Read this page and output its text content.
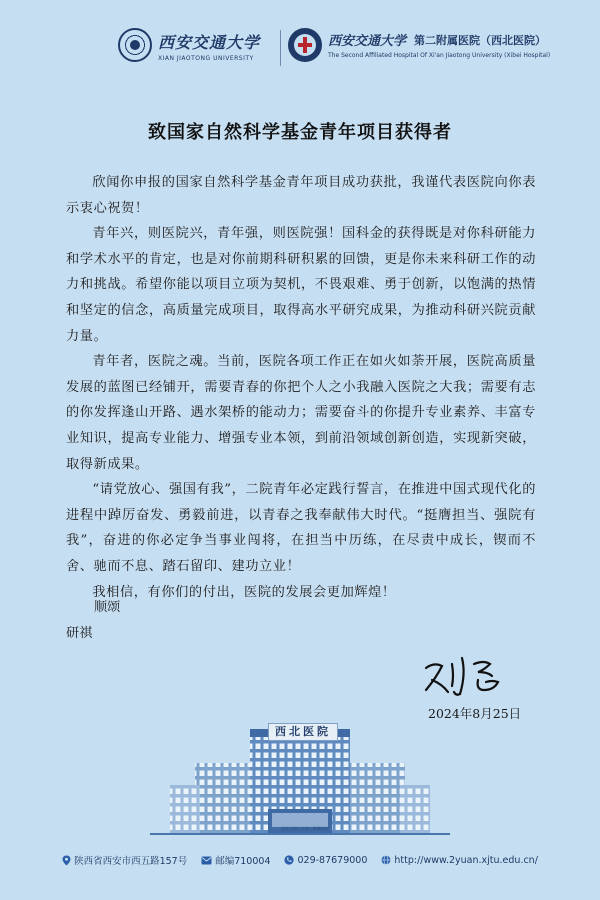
西安交通大学
XIAN JIAOTONG UNIVERSITY
西安交通大学 第二附属医院（西北医院）
The Second Affiliated Hospital Of Xi'an Jiaotong University (Xibei Hospital)
致国家自然科学基金青年项目获得者

欣闻你申报的国家自然科学基金青年项目成功获批，我谨代表医院向你表示衷心祝贺！

青年兴，则医院兴，青年强，则医院强！国科金的获得既是对你科研能力和学术水平的肯定，也是对你前期科研积累的回馈，更是你未来科研工作的动力和挑战。希望你能以项目立项为契机，不畏艰难、勇于创新，以饱满的热情和坚定的信念，高质量完成项目，取得高水平研究成果，为推动科研兴院贡献力量。

青年者，医院之魂。当前，医院各项工作正在如火如荼开展，医院高质量发展的蓝图已经铺开，需要青春的你把个人之小我融入医院之大我；需要有志的你发挥逢山开路、遇水架桥的能动力；需要奋斗的你提升专业素养、丰富专业知识，提高专业能力、增强专业本领，到前沿领域创新创造，实现新突破，取得新成果。

“请党放心、强国有我”，二院青年必定践行誓言，在推进中国式现代化的进程中踔厉奋发、勇毅前进，以青春之我奉献伟大时代。“挺膺担当、强院有我”，奋进的你必定争当事业闯将，在担当中历练，在尽责中成长，锲而不舍、驰而不息、踏石留印、建功立业！

我相信，有你们的付出，医院的发展会更加辉煌！

顺颂
研祺
2024年8月25日
西北医院
西安交通大学第二附属医院
陕西省西安市西五路157号	邮编710004	029-87679000	http://www.2yuan.xjtu.edu.cn/
